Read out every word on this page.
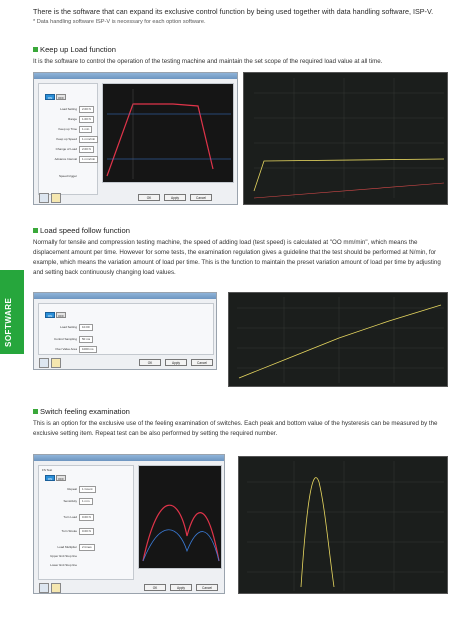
There is the software that can expand its exclusive control function by being used together with data handling software, ISP-V.
* Data handling software ISP-V is necessary for each option software.
SOFTWARE
Keep up Load function
It is the software to control the operation of the testing machine and maintain the set scope of the required load value at all time.
ON	OFF
Load Setting 2.00 N
Range 1.00 N
Keep up Time 1 min
Keep up Speed 1 mm/min
Change of Load 2.00 N
Advance Interval 1 mm/min
Speed trigger
OK	Apply	Cancel
Load speed follow function
Normally for tensile and compression testing machine, the speed of adding load (test speed) is calculated at "OO mm/min", which means the displacement amount per time. However for some tests, the examination regulation gives a guideline that the test should be performed at N/min, for example, which means the variation amount of load per time. This is the function to maintain the preset variation amount of load per time by adjusting and setting back continuously changing load values.
ON	OFF
Load Setting 10.00
Control Sampling 50 ms
Over Value Area 1000 ms
OK	Apply	Cancel
Switch feeling examination
This is an option for the exclusive use of the feeling examination of switches. Each peak and bottom value of the hysteresis can be measured by the exclusive setting item. Repeat test can be also performed by setting the required number.
FS Test
ON	OFF
Repeat 1 Count
Sensitivity 1 mm
Turn Load 0.00 N
Turn Stroke 0.00 N
Load Multiplier 2 times
Upper limit Stop line
Lower limit Stop line
OK	Apply	Cancel
